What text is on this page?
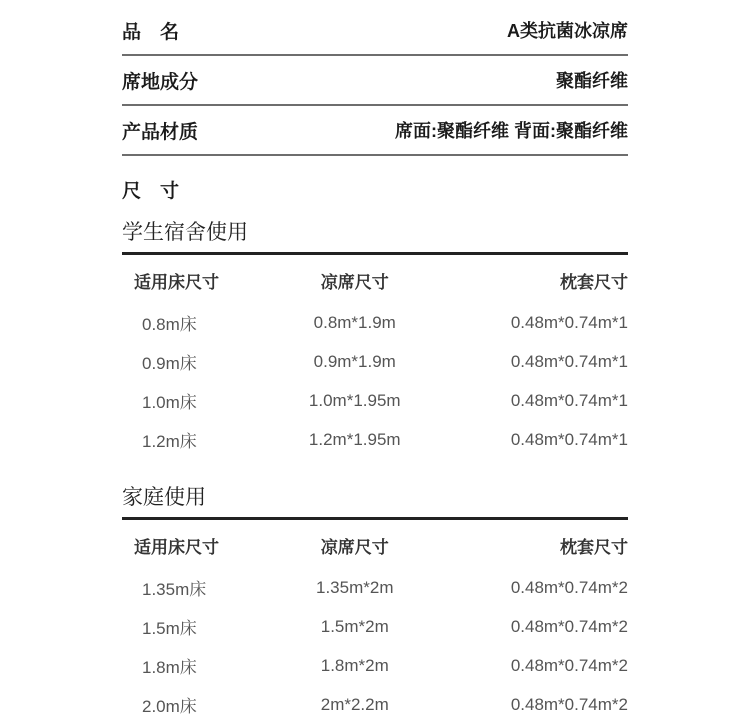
品　名	A类抗菌冰凉席
席地成分	聚酯纤维
产品材质	席面:聚酯纤维 背面:聚酯纤维
尺　寸
学生宿舍使用
适用床尺寸	凉席尺寸	枕套尺寸
0.8m床	0.8m*1.9m	0.48m*0.74m*1
0.9m床	0.9m*1.9m	0.48m*0.74m*1
1.0m床	1.0m*1.95m	0.48m*0.74m*1
1.2m床	1.2m*1.95m	0.48m*0.74m*1
家庭使用
适用床尺寸	凉席尺寸	枕套尺寸
1.35m床	1.35m*2m	0.48m*0.74m*2
1.5m床	1.5m*2m	0.48m*0.74m*2
1.8m床	1.8m*2m	0.48m*0.74m*2
2.0m床	2m*2.2m	0.48m*0.74m*2
